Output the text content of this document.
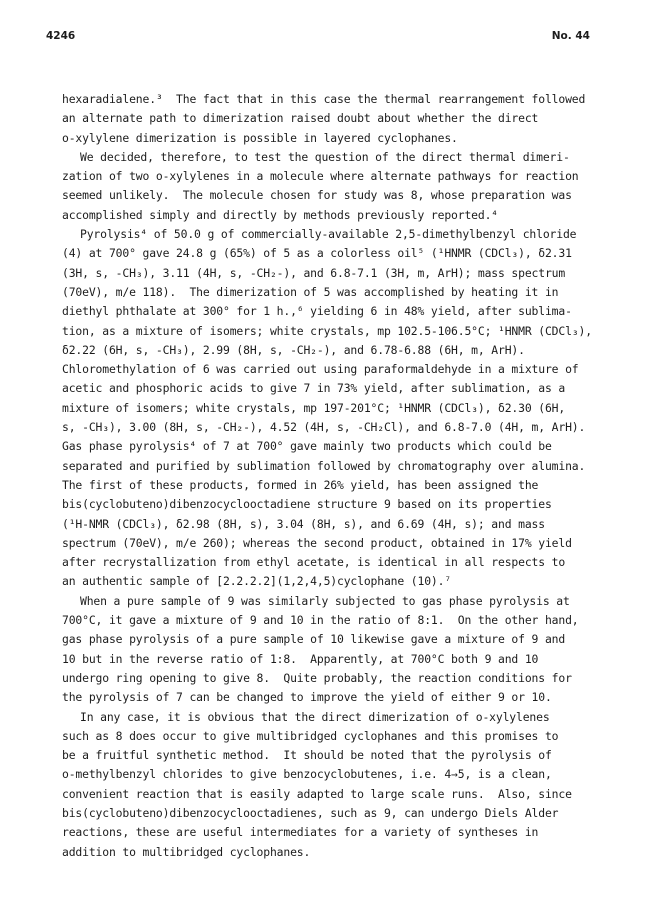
4246	No. 44
hexaradialene.³  The fact that in this case the thermal rearrangement followed
an alternate path to dimerization raised doubt about whether the direct
o-xylylene dimerization is possible in layered cyclophanes.
We decided, therefore, to test the question of the direct thermal dimeri-
zation of two o-xylylenes in a molecule where alternate pathways for reaction
seemed unlikely.  The molecule chosen for study was 8, whose preparation was
accomplished simply and directly by methods previously reported.⁴
Pyrolysis⁴ of 50.0 g of commercially-available 2,5-dimethylbenzyl chloride
(4) at 700° gave 24.8 g (65%) of 5 as a colorless oil⁵ (¹HNMR (CDCl₃), δ2.31
(3H, s, -CH₃), 3.11 (4H, s, -CH₂-), and 6.8-7.1 (3H, m, ArH); mass spectrum
(70eV), m/e 118).  The dimerization of 5 was accomplished by heating it in
diethyl phthalate at 300° for 1 h.,⁶ yielding 6 in 48% yield, after sublima-
tion, as a mixture of isomers; white crystals, mp 102.5-106.5°C; ¹HNMR (CDCl₃),
δ2.22 (6H, s, -CH₃), 2.99 (8H, s, -CH₂-), and 6.78-6.88 (6H, m, ArH).
Chloromethylation of 6 was carried out using paraformaldehyde in a mixture of
acetic and phosphoric acids to give 7 in 73% yield, after sublimation, as a
mixture of isomers; white crystals, mp 197-201°C; ¹HNMR (CDCl₃), δ2.30 (6H,
s, -CH₃), 3.00 (8H, s, -CH₂-), 4.52 (4H, s, -CH₂Cl), and 6.8-7.0 (4H, m, ArH).
Gas phase pyrolysis⁴ of 7 at 700° gave mainly two products which could be
separated and purified by sublimation followed by chromatography over alumina.
The first of these products, formed in 26% yield, has been assigned the
bis(cyclobuteno)dibenzocyclooctadiene structure 9 based on its properties
(¹H-NMR (CDCl₃), δ2.98 (8H, s), 3.04 (8H, s), and 6.69 (4H, s); and mass
spectrum (70eV), m/e 260); whereas the second product, obtained in 17% yield
after recrystallization from ethyl acetate, is identical in all respects to
an authentic sample of [2.2.2.2](1,2,4,5)cyclophane (10).⁷
When a pure sample of 9 was similarly subjected to gas phase pyrolysis at
700°C, it gave a mixture of 9 and 10 in the ratio of 8:1.  On the other hand,
gas phase pyrolysis of a pure sample of 10 likewise gave a mixture of 9 and
10 but in the reverse ratio of 1:8.  Apparently, at 700°C both 9 and 10
undergo ring opening to give 8.  Quite probably, the reaction conditions for
the pyrolysis of 7 can be changed to improve the yield of either 9 or 10.
In any case, it is obvious that the direct dimerization of o-xylylenes
such as 8 does occur to give multibridged cyclophanes and this promises to
be a fruitful synthetic method.  It should be noted that the pyrolysis of
o-methylbenzyl chlorides to give benzocyclobutenes, i.e. 4→5, is a clean,
convenient reaction that is easily adapted to large scale runs.  Also, since
bis(cyclobuteno)dibenzocyclooctadienes, such as 9, can undergo Diels Alder
reactions, these are useful intermediates for a variety of syntheses in
addition to multibridged cyclophanes.
